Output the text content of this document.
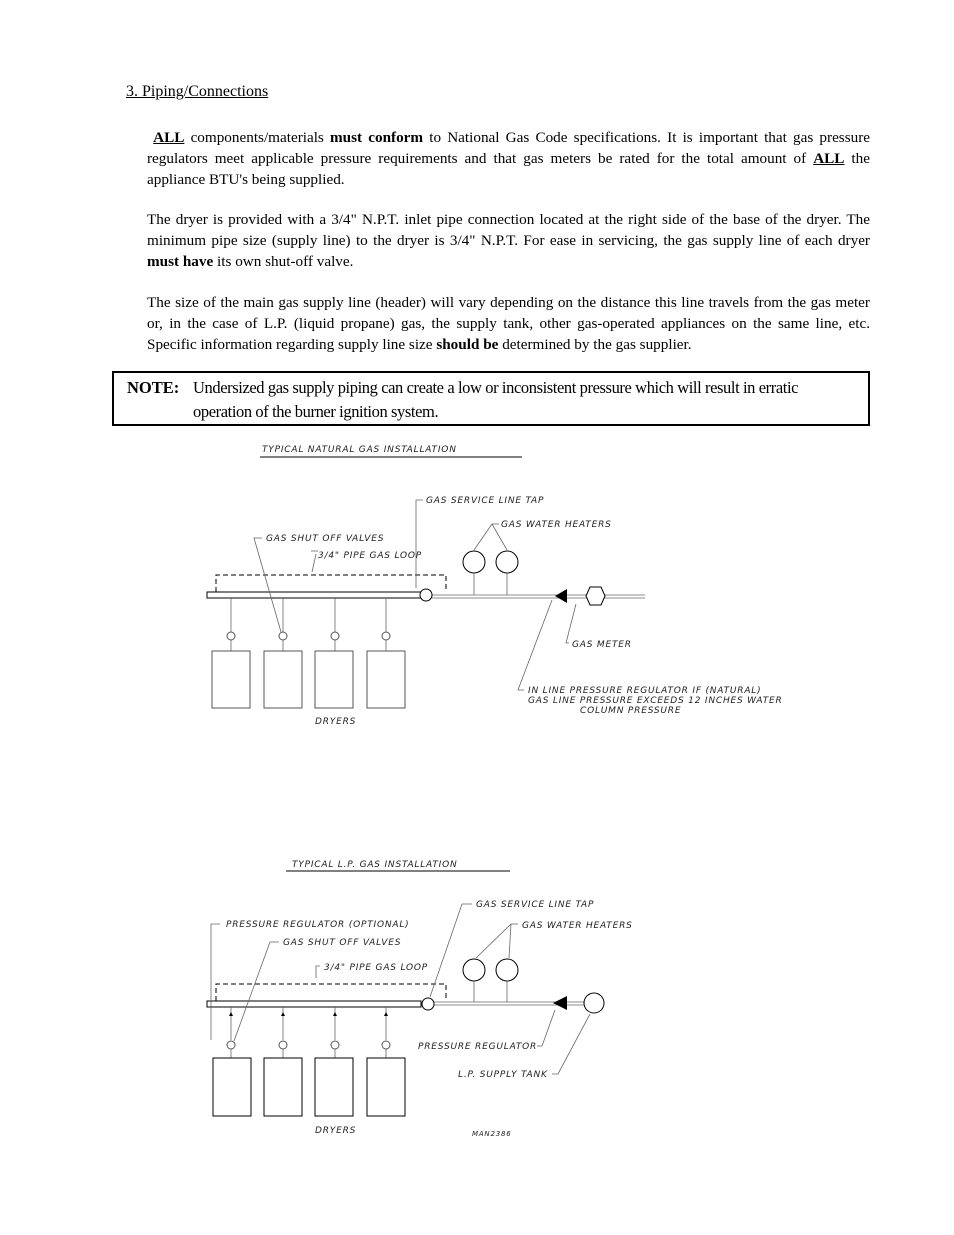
3. Piping/Connections
ALL components/materials must conform to National Gas Code specifications. It is important that gas pressure regulators meet applicable pressure requirements and that gas meters be rated for the total amount of ALL the appliance BTU's being supplied.
The dryer is provided with a 3/4" N.P.T. inlet pipe connection located at the right side of the base of the dryer. The minimum pipe size (supply line) to the dryer is 3/4" N.P.T. For ease in servicing, the gas supply line of each dryer must have its own shut-off valve.
The size of the main gas supply line (header) will vary depending on the distance this line travels from the gas meter or, in the case of L.P. (liquid propane) gas, the supply tank, other gas-operated appliances on the same line, etc. Specific information regarding supply line size should be determined by the gas supplier.
NOTE: Undersized gas supply piping can create a low or inconsistent pressure which will result in erratic operation of the burner ignition system.
TYPICAL NATURAL GAS INSTALLATION
GAS SERVICE LINE TAP
GAS WATER HEATERS
GAS SHUT OFF VALVES
3/4" PIPE GAS LOOP
GAS METER
IN LINE PRESSURE REGULATOR IF (NATURAL)
GAS LINE PRESSURE EXCEEDS 12 INCHES WATER
COLUMN PRESSURE
DRYERS
TYPICAL L.P. GAS INSTALLATION
GAS SERVICE LINE TAP
PRESSURE REGULATOR (OPTIONAL)	GAS WATER HEATERS
GAS SHUT OFF VALVES
3/4" PIPE GAS LOOP
PRESSURE REGULATOR
L.P. SUPPLY TANK
DRYERS	MAN2386
